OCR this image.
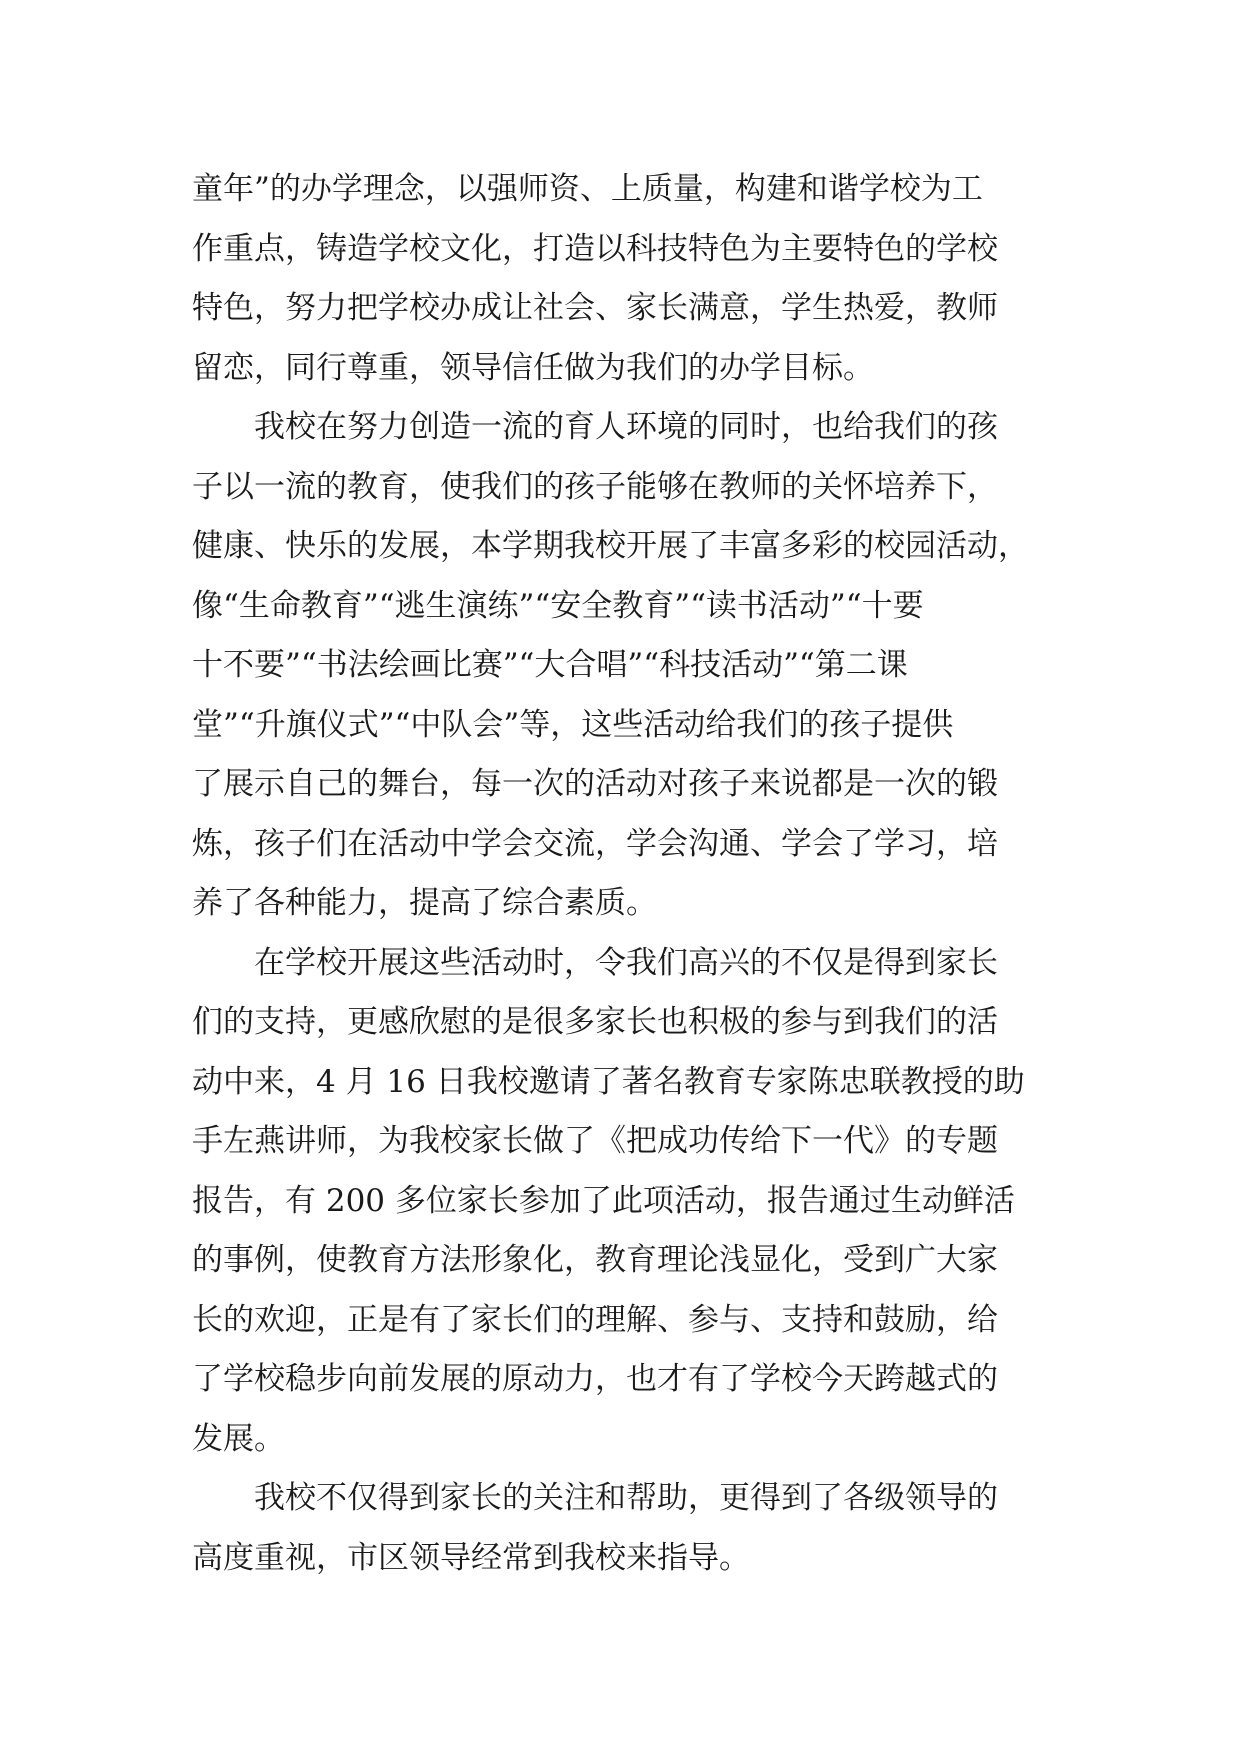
童年”的办学理念，以强师资、上质量，构建和谐学校为工
作重点，铸造学校文化，打造以科技特色为主要特色的学校
特色，努力把学校办成让社会、家长满意，学生热爱，教师
留恋，同行尊重，领导信任做为我们的办学目标。
　　我校在努力创造一流的育人环境的同时，也给我们的孩
子以一流的教育，使我们的孩子能够在教师的关怀培养下，
健康、快乐的发展，本学期我校开展了丰富多彩的校园活动，
像“生命教育”“逃生演练”“安全教育”“读书活动”“十要
十不要”“书法绘画比赛”“大合唱”“科技活动”“第二课
堂”“升旗仪式”“中队会”等，这些活动给我们的孩子提供
了展示自己的舞台，每一次的活动对孩子来说都是一次的锻
炼，孩子们在活动中学会交流，学会沟通、学会了学习，培
养了各种能力，提高了综合素质。
　　在学校开展这些活动时，令我们高兴的不仅是得到家长
们的支持，更感欣慰的是很多家长也积极的参与到我们的活
动中来，4 月 16 日我校邀请了著名教育专家陈忠联教授的助
手左燕讲师，为我校家长做了《把成功传给下一代》的专题
报告，有 200 多位家长参加了此项活动，报告通过生动鲜活
的事例，使教育方法形象化，教育理论浅显化，受到广大家
长的欢迎，正是有了家长们的理解、参与、支持和鼓励，给
了学校稳步向前发展的原动力，也才有了学校今天跨越式的
发展。
　　我校不仅得到家长的关注和帮助，更得到了各级领导的
高度重视，市区领导经常到我校来指导。
